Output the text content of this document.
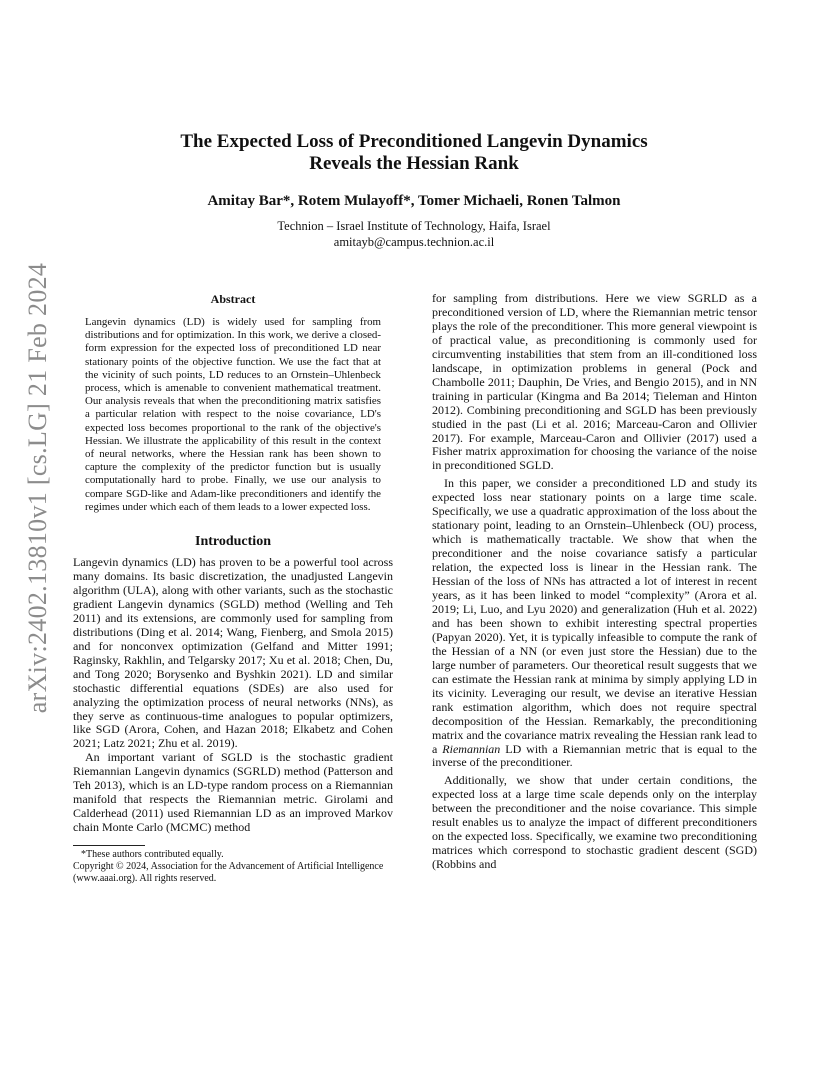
arXiv:2402.13810v1 [cs.LG] 21 Feb 2024
The Expected Loss of Preconditioned Langevin Dynamics
Reveals the Hessian Rank
Amitay Bar*, Rotem Mulayoff*, Tomer Michaeli, Ronen Talmon
Technion – Israel Institute of Technology, Haifa, Israel
amitayb@campus.technion.ac.il
Abstract

Langevin dynamics (LD) is widely used for sampling from distributions and for optimization. In this work, we derive a closed-form expression for the expected loss of preconditioned LD near stationary points of the objective function. We use the fact that at the vicinity of such points, LD reduces to an Ornstein–Uhlenbeck process, which is amenable to convenient mathematical treatment. Our analysis reveals that when the preconditioning matrix satisfies a particular relation with respect to the noise covariance, LD's expected loss becomes proportional to the rank of the objective's Hessian. We illustrate the applicability of this result in the context of neural networks, where the Hessian rank has been shown to capture the complexity of the predictor function but is usually computationally hard to probe. Finally, we use our analysis to compare SGD-like and Adam-like preconditioners and identify the regimes under which each of them leads to a lower expected loss.

Introduction

Langevin dynamics (LD) has proven to be a powerful tool across many domains. Its basic discretization, the unadjusted Langevin algorithm (ULA), along with other variants, such as the stochastic gradient Langevin dynamics (SGLD) method (Welling and Teh 2011) and its extensions, are commonly used for sampling from distributions (Ding et al. 2014; Wang, Fienberg, and Smola 2015) and for nonconvex optimization (Gelfand and Mitter 1991; Raginsky, Rakhlin, and Telgarsky 2017; Xu et al. 2018; Chen, Du, and Tong 2020; Borysenko and Byshkin 2021). LD and similar stochastic differential equations (SDEs) are also used for analyzing the optimization process of neural networks (NNs), as they serve as continuous-time analogues to popular optimizers, like SGD (Arora, Cohen, and Hazan 2018; Elkabetz and Cohen 2021; Latz 2021; Zhu et al. 2019).

An important variant of SGLD is the stochastic gradient Riemannian Langevin dynamics (SGRLD) method (Patterson and Teh 2013), which is an LD-type random process on a Riemannian manifold that respects the Riemannian metric. Girolami and Calderhead (2011) used Riemannian LD as an improved Markov chain Monte Carlo (MCMC) method

*These authors contributed equally.

Copyright © 2024, Association for the Advancement of Artificial Intelligence (www.aaai.org). All rights reserved.

for sampling from distributions. Here we view SGRLD as a preconditioned version of LD, where the Riemannian metric tensor plays the role of the preconditioner. This more general viewpoint is of practical value, as preconditioning is commonly used for circumventing instabilities that stem from an ill-conditioned loss landscape, in optimization problems in general (Pock and Chambolle 2011; Dauphin, De Vries, and Bengio 2015), and in NN training in particular (Kingma and Ba 2014; Tieleman and Hinton 2012). Combining preconditioning and SGLD has been previously studied in the past (Li et al. 2016; Marceau-Caron and Ollivier 2017). For example, Marceau-Caron and Ollivier (2017) used a Fisher matrix approximation for choosing the variance of the noise in preconditioned SGLD.

In this paper, we consider a preconditioned LD and study its expected loss near stationary points on a large time scale. Specifically, we use a quadratic approximation of the loss about the stationary point, leading to an Ornstein–Uhlenbeck (OU) process, which is mathematically tractable. We show that when the preconditioner and the noise covariance satisfy a particular relation, the expected loss is linear in the Hessian rank. The Hessian of the loss of NNs has attracted a lot of interest in recent years, as it has been linked to model “complexity” (Arora et al. 2019; Li, Luo, and Lyu 2020) and generalization (Huh et al. 2022) and has been shown to exhibit interesting spectral properties (Papyan 2020). Yet, it is typically infeasible to compute the rank of the Hessian of a NN (or even just store the Hessian) due to the large number of parameters. Our theoretical result suggests that we can estimate the Hessian rank at minima by simply applying LD in its vicinity. Leveraging our result, we devise an iterative Hessian rank estimation algorithm, which does not require spectral decomposition of the Hessian. Remarkably, the preconditioning matrix and the covariance matrix revealing the Hessian rank lead to a Riemannian LD with a Riemannian metric that is equal to the inverse of the preconditioner.

Additionally, we show that under certain conditions, the expected loss at a large time scale depends only on the interplay between the preconditioner and the noise covariance. This simple result enables us to analyze the impact of different preconditioners on the expected loss. Specifically, we examine two preconditioning matrices which correspond to stochastic gradient descent (SGD) (Robbins and
